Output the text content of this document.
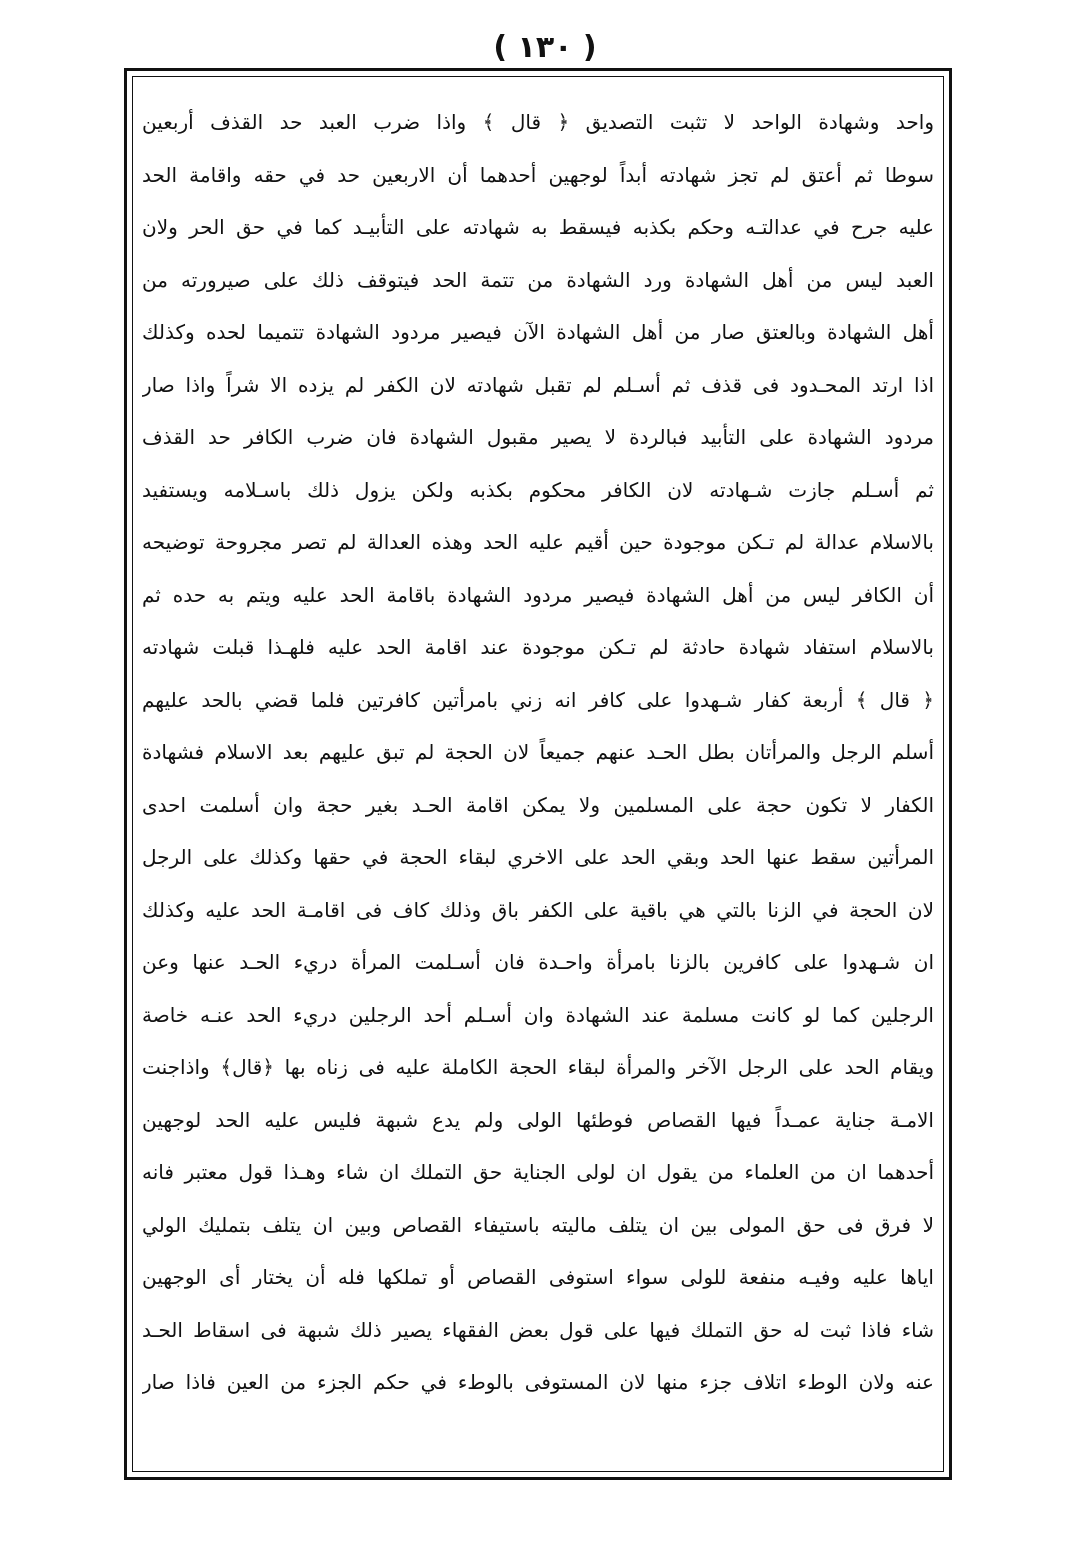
( ١٣٠ )
واحد وشهادة الواحد لا تثبت التصديق ﴿ قال ﴾ واذا ضرب العبد حد القذف أربعين
سوطا ثم أعتق لم تجز شهادته أبداً لوجهين أحدهما أن الاربعين حد في حقه واقامة الحد
عليه جرح في عدالتـه وحكم بكذبه فيسقط به شهادته على التأبيـد كما في حق الحر ولان
العبد ليس من أهل الشهادة ورد الشهادة من تتمة الحد فيتوقف ذلك على صيرورته من
أهل الشهادة وبالعتق صار من أهل الشهادة الآن فيصير مردود الشهادة تتميما لحده وكذلك
اذا ارتد المحـدود فى قذف ثم أسـلم لم تقبل شهادته لان الكفر لم يزده الا شراً واذا صار
مردود الشهادة على التأبيد فبالردة لا يصير مقبول الشهادة فان ضرب الكافر حد القذف
ثم أسـلم جازت شـهادته لان الكافر محكوم بكذبه ولكن يزول ذلك باسـلامه ويستفيد
بالاسلام عدالة لم تـكن موجودة حين أقيم عليه الحد وهذه العدالة لم تصر مجروحة توضيحه
أن الكافر ليس من أهل الشهادة فيصير مردود الشهادة باقامة الحد عليه ويتم به حده ثم
بالاسلام استفاد شهادة حادثة لم تـكن موجودة عند اقامة الحد عليه فلهـذا قبلت شهادته
﴿ قال ﴾ أربعة كفار شـهدوا على كافر انه زني بامرأتين كافرتين فلما قضي بالحد عليهم
أسلم الرجل والمرأتان بطل الحـد عنهم جميعاً لان الحجة لم تبق عليهم بعد الاسلام فشهادة
الكفار لا تكون حجة على المسلمين ولا يمكن اقامة الحـد بغير حجة وان أسلمت احدى
المرأتين سقط عنها الحد وبقي الحد على الاخري لبقاء الحجة في حقها وكذلك على الرجل
لان الحجة في الزنا بالتي هي باقية على الكفر باق وذلك كاف فى اقامـة الحد عليه وكذلك
ان شـهدوا على كافرين بالزنا بامرأة واحـدة فان أسـلمت المرأة دريء الحـد عنها وعن
الرجلين كما لو كانت مسلمة عند الشهادة وان أسـلم أحد الرجلين دريء الحد عنـه خاصة
ويقام الحد على الرجل الآخر والمرأة لبقاء الحجة الكاملة عليه فى زناه بها ﴿قال﴾ واذاجنت
الامـة جناية عمـداً فيها القصاص فوطئها الولى ولم يدع شبهة فليس عليه الحد لوجهين
أحدهما ان من العلماء من يقول ان لولى الجناية حق التملك ان شاء وهـذا قول معتبر فانه
لا فرق فى حق المولى بين ان يتلف ماليته باستيفاء القصاص وبين ان يتلف بتمليك الولي
اياها عليه وفيـه منفعة للولى سواء استوفى القصاص أو تملكها فله أن يختار أى الوجهين
شاء فاذا ثبت له حق التملك فيها على قول بعض الفقهاء يصير ذلك شبهة فى اسقاط الحـد
عنه ولان الوطء اتلاف جزء منها لان المستوفى بالوطء في حكم الجزء من العين فاذا صار
